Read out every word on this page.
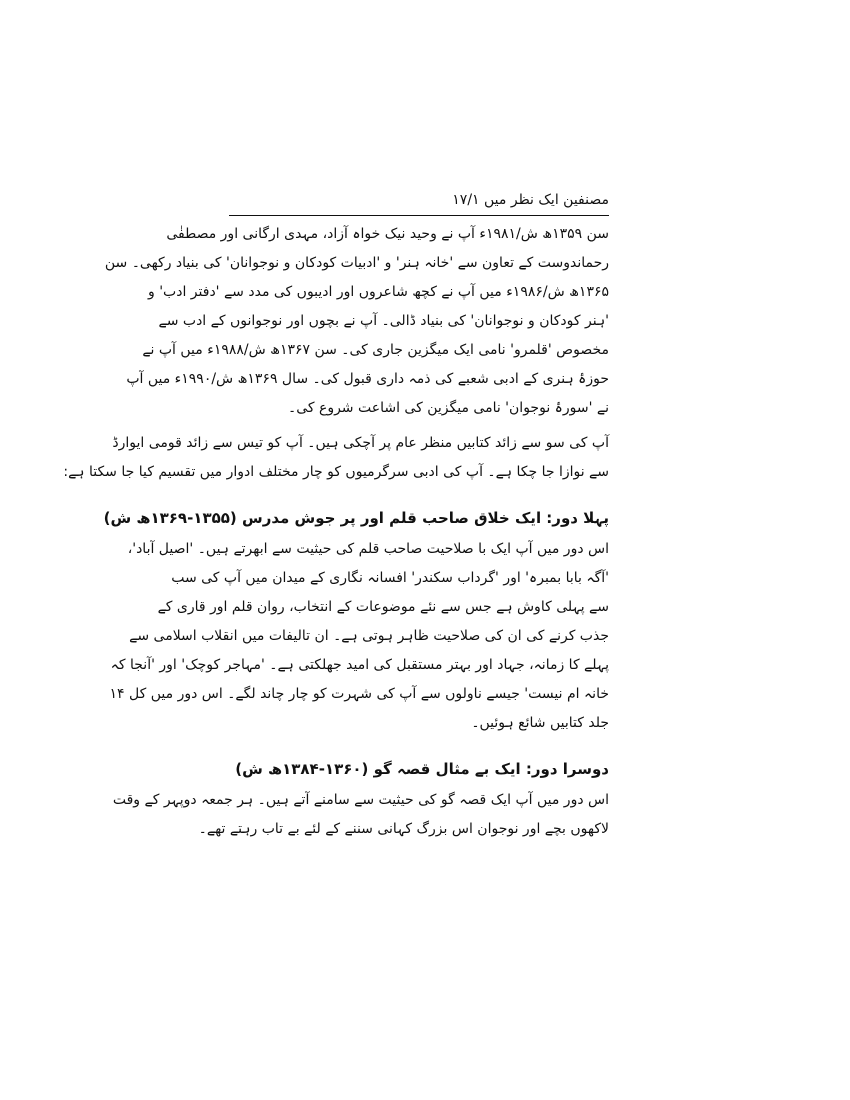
مصنفین ایک نظر میں ۱۷/۱
سن ۱۳۵۹ھ ش/۱۹۸۱ء آپ نے وحید نیک خواہ آزاد، مہدی ارگانی اور مصطفٰی
رحماندوست کے تعاون سے 'خانہ ہنر' و 'ادبیات کودکان و نوجوانان' کی بنیاد رکھی۔ سن
۱۳۶۵ھ ش/۱۹۸۶ء میں آپ نے کچھ شاعروں اور ادیبوں کی مدد سے 'دفتر ادب' و
'ہنر کودکان و نوجوانان' کی بنیاد ڈالی۔ آپ نے بچوں اور نوجوانوں کے ادب سے
مخصوص 'قلمرو' نامی ایک میگزین جاری کی۔ سن ۱۳۶۷ھ ش/۱۹۸۸ء میں آپ نے
حوزۂ ہنری کے ادبی شعبے کی ذمہ داری قبول کی۔ سال ۱۳۶۹ھ ش/۱۹۹۰ء میں آپ
نے 'سورۂ نوجوان' نامی میگزین کی اشاعت شروع کی۔
آپ کی سو سے زائد کتابیں منظر عام پر آچکی ہیں۔ آپ کو تیس سے زائد قومی ایوارڈ
سے نوازا جا چکا ہے۔ آپ کی ادبی سرگرمیوں کو چار مختلف ادوار میں تقسیم کیا جا سکتا ہے:
پہلا دور: ایک خلاق صاحب قلم اور پر جوش مدرس (۱۳۵۵-۱۳۶۹ھ ش)
اس دور میں آپ ایک با صلاحیت صاحب قلم کی حیثیت سے ابھرتے ہیں۔ 'اصیل آباد'،
'آگہ بابا بمبرہ' اور 'گرداب سکندر' افسانہ نگاری کے میدان میں آپ کی سب
سے پہلی کاوش ہے جس سے نئے موضوعات کے انتخاب، روان قلم اور قاری کے
جذب کرنے کی ان کی صلاحیت ظاہر ہوتی ہے۔ ان تالیفات میں انقلاب اسلامی سے
پہلے کا زمانہ، جہاد اور بہتر مستقبل کی امید جھلکتی ہے۔ 'مہاجر کوچک' اور 'آنجا کہ
خانہ ام نیست' جیسے ناولوں سے آپ کی شہرت کو چار چاند لگے۔ اس دور میں کل ۱۴
جلد کتابیں شائع ہوئیں۔
دوسرا دور: ایک بے مثال قصہ گو (۱۳۶۰-۱۳۸۴ھ ش)
اس دور میں آپ ایک قصہ گو کی حیثیت سے سامنے آتے ہیں۔ ہر جمعہ دوپہر کے وقت
لاکھوں بچے اور نوجوان اس بزرگ کہانی سننے کے لئے بے تاب رہتے تھے۔
